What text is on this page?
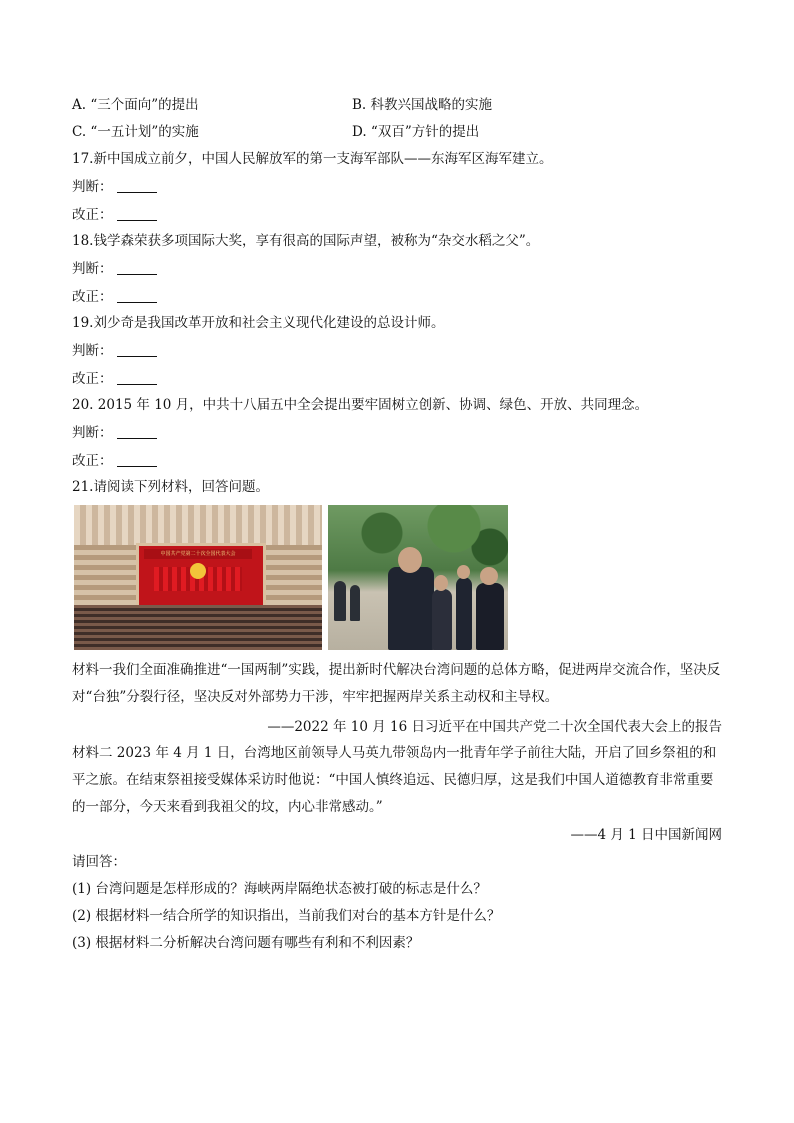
A. “三个面向”的提出	B. 科教兴国战略的实施
C. “一五计划”的实施	D. “双百”方针的提出
17.新中国成立前夕，中国人民解放军的第一支海军部队——东海军区海军建立。
判断：
改正：
18.钱学森荣获多项国际大奖，享有很高的国际声望，被称为“杂交水稻之父”。
判断：
改正：
19.刘少奇是我国改革开放和社会主义现代化建设的总设计师。
判断：
改正：
20. 2015 年 10 月，中共十八届五中全会提出要牢固树立创新、协调、绿色、开放、共同理念。
判断：
改正：
21.请阅读下列材料，回答问题。
中国共产党第二十次全国代表大会
材料一我们全面准确推进“一国两制”实践，提出新时代解决台湾问题的总体方略，促进两岸交流合作，坚决反对“台独”分裂行径，坚决反对外部势力干涉，牢牢把握两岸关系主动权和主导权。
——2022 年 10 月 16 日习近平在中国共产党二十次全国代表大会上的报告
材料二 2023 年 4 月 1 日，台湾地区前领导人马英九带领岛内一批青年学子前往大陆，开启了回乡祭祖的和平之旅。在结束祭祖接受媒体采访时他说：“中国人慎终追远、民德归厚，这是我们中国人道德教育非常重要的一部分，今天来看到我祖父的坟，内心非常感动。”
——4 月 1 日中国新闻网
请回答：
(1) 台湾问题是怎样形成的？海峡两岸隔绝状态被打破的标志是什么？
(2) 根据材料一结合所学的知识指出，当前我们对台的基本方针是什么？
(3) 根据材料二分析解决台湾问题有哪些有利和不利因素？
